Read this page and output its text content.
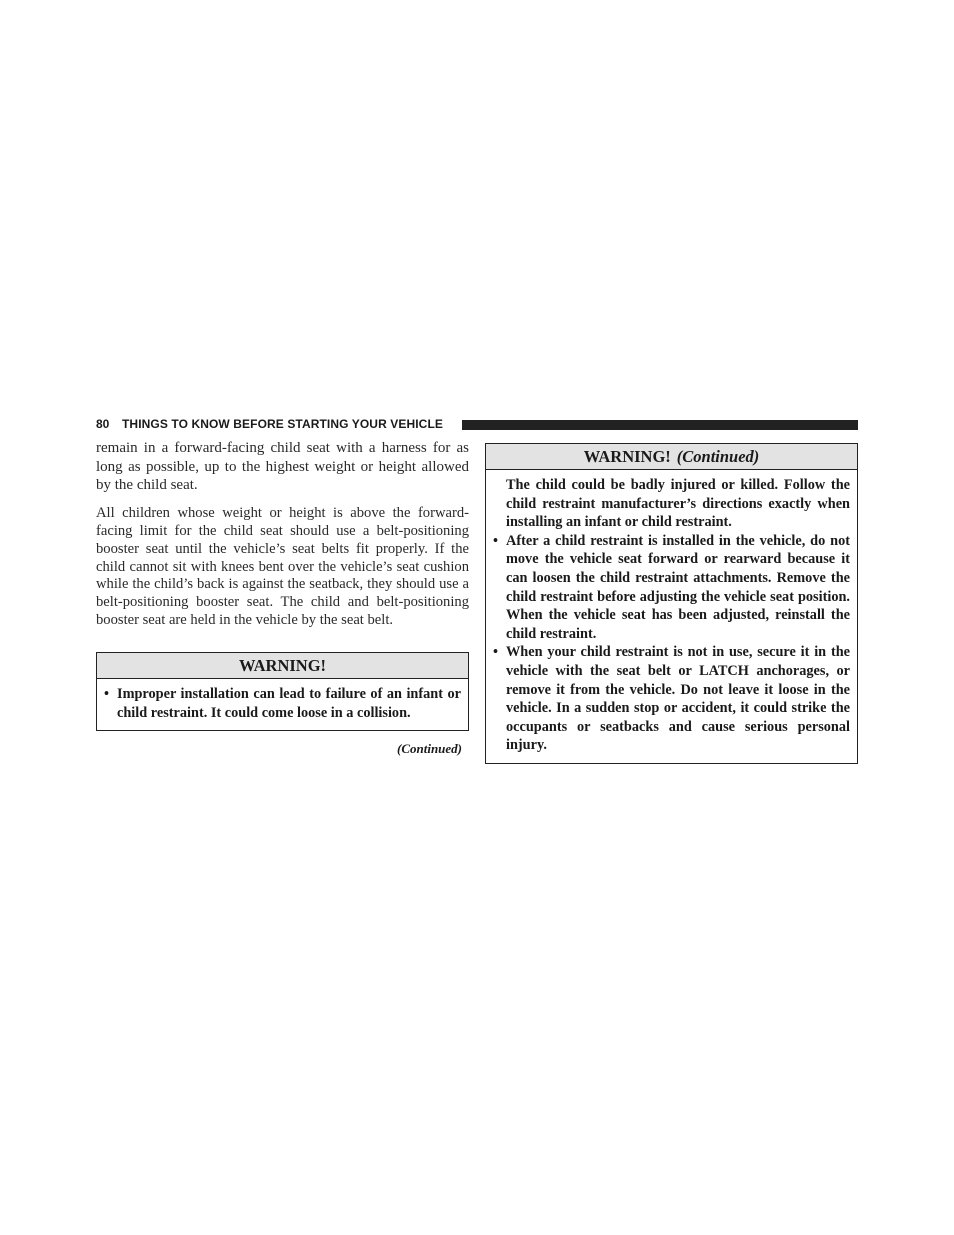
80 THINGS TO KNOW BEFORE STARTING YOUR VEHICLE

remain in a forward-facing child seat with a harness for as long as possible, up to the highest weight or height allowed by the child seat.

All children whose weight or height is above the forward-facing limit for the child seat should use a belt-positioning booster seat until the vehicle’s seat belts fit properly. If the child cannot sit with knees bent over the vehicle’s seat cushion while the child’s back is against the seatback, they should use a belt-positioning booster seat. The child and belt-positioning booster seat are held in the vehicle by the seat belt.

WARNING!
• Improper installation can lead to failure of an infant or child restraint. It could come loose in a collision.
(Continued)
WARNING! (Continued)
The child could be badly injured or killed. Follow the child restraint manufacturer’s directions exactly when installing an infant or child restraint.
• After a child restraint is installed in the vehicle, do not move the vehicle seat forward or rearward because it can loosen the child restraint attachments. Remove the child restraint before adjusting the vehicle seat position. When the vehicle seat has been adjusted, reinstall the child restraint.
• When your child restraint is not in use, secure it in the vehicle with the seat belt or LATCH anchorages, or remove it from the vehicle. Do not leave it loose in the vehicle. In a sudden stop or accident, it could strike the occupants or seatbacks and cause serious personal injury.
